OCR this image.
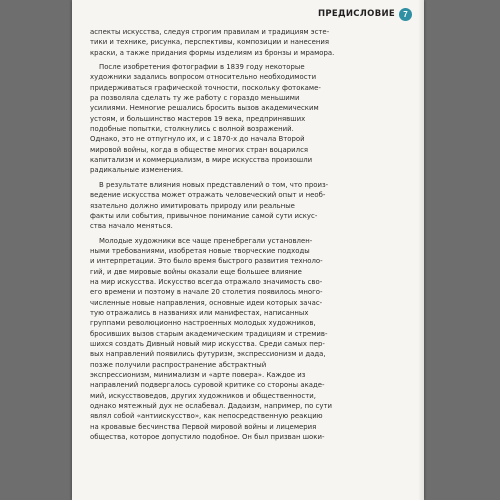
ПРЕДИСЛОВИЕ	7
аспекты искусства, следуя строгим правилам и традициям эсте-
тики и технике, рисунка, перспективы, композиции и нанесения
краски, а также придания формы изделиям из бронзы и мрамора.
После изобретения фотографии в 1839 году некоторые
художники задались вопросом относительно необходимости
придерживаться графической точности, поскольку фотокаме-
ра позволяла сделать ту же работу с гораздо меньшими
усилиями. Немногие решались бросить вызов академическим
устоям, и большинство мастеров 19 века, предпринявших
подобные попытки, столкнулись с волной возражений.
Однако, это не отпугнуло их, и с 1870-х до начала Второй
мировой войны, когда в обществе многих стран воцарился
капитализм и коммерциализм, в мире искусства произошли
радикальные изменения.
В результате влияния новых представлений о том, что произ-
ведение искусства может отражать человеческий опыт и необ-
язательно должно имитировать природу или реальные
факты или события, привычное понимание самой сути искус-
ства начало меняться.
Молодые художники все чаще пренебрегали установлен-
ными требованиями, изобретая новые творческие подходы
и интерпретации. Это было время быстрого развития техноло-
гий, и две мировые войны оказали еще большее влияние
на мир искусства. Искусство всегда отражало значимость сво-
его времени и поэтому в начале 20 столетия появилось много-
численные новые направления, основные идеи которых зачас-
тую отражались в названиях или манифестах, написанных
группами революционно настроенных молодых художников,
бросивших вызов старым академическим традициям и стремив-
шихся создать Дивный новый мир искусства. Среди самых пер-
вых направлений появились футуризм, экспрессионизм и дада,
позже получили распространение абстрактный
экспрессионизм, минимализм и «арте повера». Каждое из
направлений подвергалось суровой критике со стороны акаде-
мий, искусствоведов, других художников и общественности,
однако мятежный дух не ослабевал. Дадаизм, например, по сути
являл собой «антиискусство», как непосредственную реакцию
на кровавые бесчинства Первой мировой войны и лицемерия
общества, которое допустило подобное. Он был призван шоки-
